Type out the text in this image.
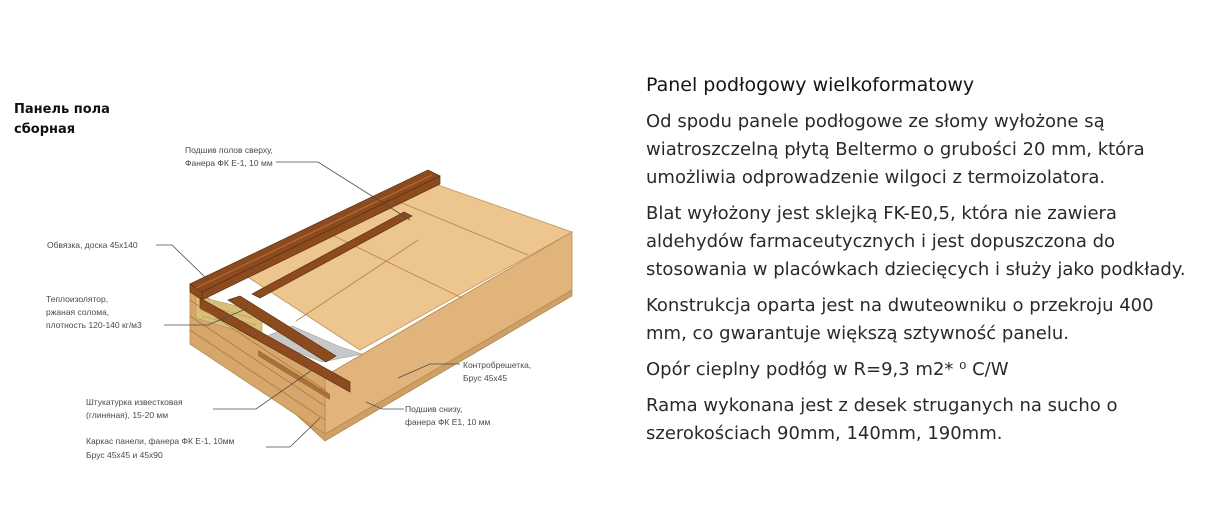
Панель пола
сборная
Подшив полов сверху, Фанера ФК Е-1, 10 мм
Обвязка, доска 45х140
Теплоизолятор, ржаная солома, плотность 120-140 кг/м3
Контробрешетка, Брус 45х45
Штукатурка известковая (глиняная), 15-20 мм
Подшив снизу, фанера ФК Е1, 10 мм
Каркас панели, фанера ФК Е-1, 10мм Брус 45х45 и 45х90
Panel podłogowy wielkoformatowy

Od spodu panele podłogowe ze słomy wyłożone są wiatroszczelną płytą Beltermo o grubości 20 mm, która umożliwia odprowadzenie wilgoci z termoizolatora.

Blat wyłożony jest sklejką FK-E0,5, która nie zawiera aldehydów farmaceutycznych i jest dopuszczona do stosowania w placówkach dziecięcych i służy jako podkłady.

Konstrukcja oparta jest na dwuteowniku o przekroju 400 mm, co gwarantuje większą sztywność panelu.

Opór cieplny podłóg w R=9,3 m2* ⁰ C/W

Rama wykonana jest z desek struganych na sucho o szerokościach 90mm, 140mm, 190mm.
